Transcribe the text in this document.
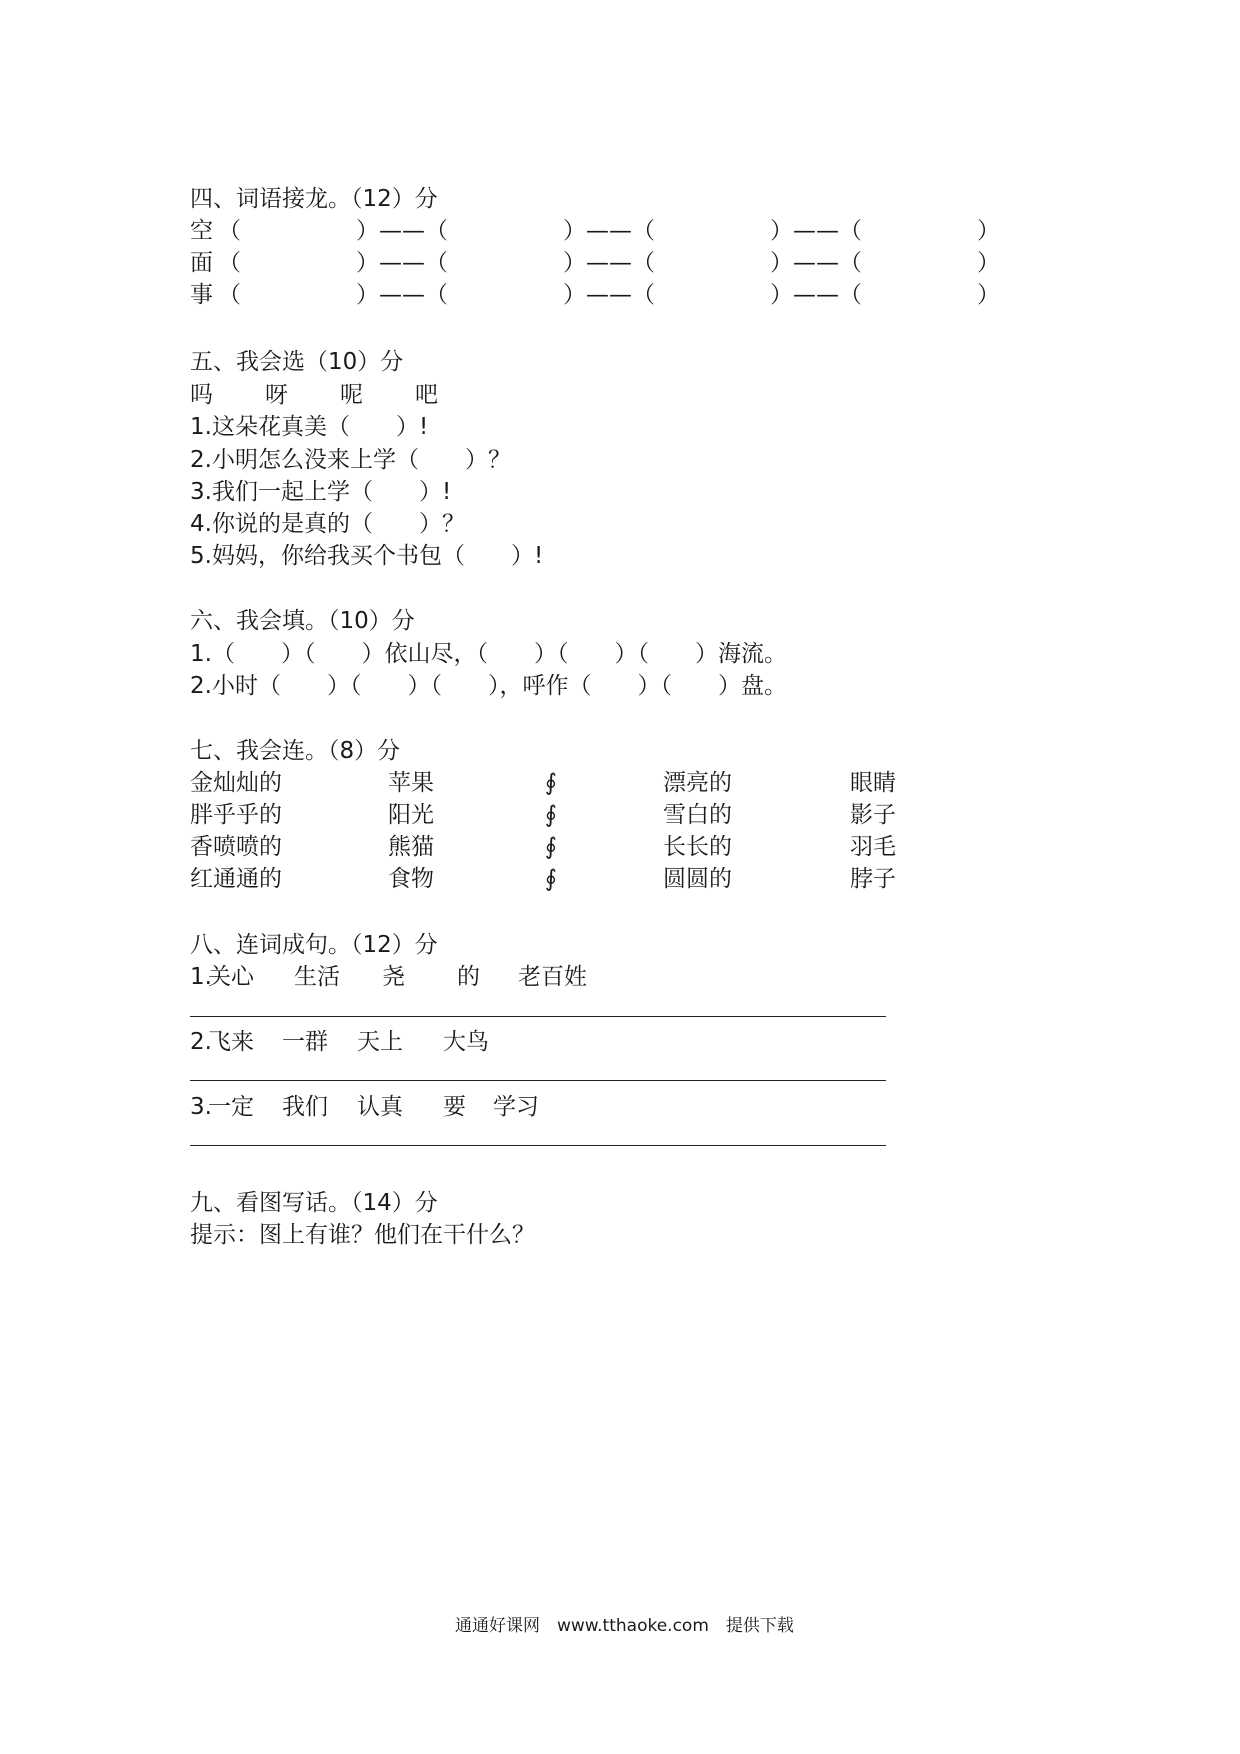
四、词语接龙。（12）分
空 （　　　　　）——（　　　　　）——（　　　　　）——（　　　　　）
面 （　　　　　）——（　　　　　）——（　　　　　）——（　　　　　）
事 （　　　　　）——（　　　　　）——（　　　　　）——（　　　　　）
五、我会选（10）分
吗 呀 呢 吧
1.这朵花真美（　　）!
2.小明怎么没来上学（　　）？
3.我们一起上学（　　）!
4.你说的是真的（　　）？
5.妈妈，你给我买个书包（　　）!
六、我会填。（10）分
1.（　　）（　　）依山尽，（　　）（　　）（　　）海流。
2.小时（　　）（　　）（　　），呼作（　　）（　　）盘。
七、我会连。（8）分
金灿灿的	苹果	∮	漂亮的	眼睛
胖乎乎的	阳光	∮	雪白的	影子
香喷喷的	熊猫	∮	长长的	羽毛
红通通的	食物	∮	圆圆的	脖子
八、连词成句。（12）分
1.
关心 生活 尧 的 老百姓
2.
飞来 一群 天上 大鸟
3.
一定 我们 认真 要 学习
九、看图写话。（14）分
提示：图上有谁？他们在干什么？
通通好课网　www.tthaoke.com　提供下载
